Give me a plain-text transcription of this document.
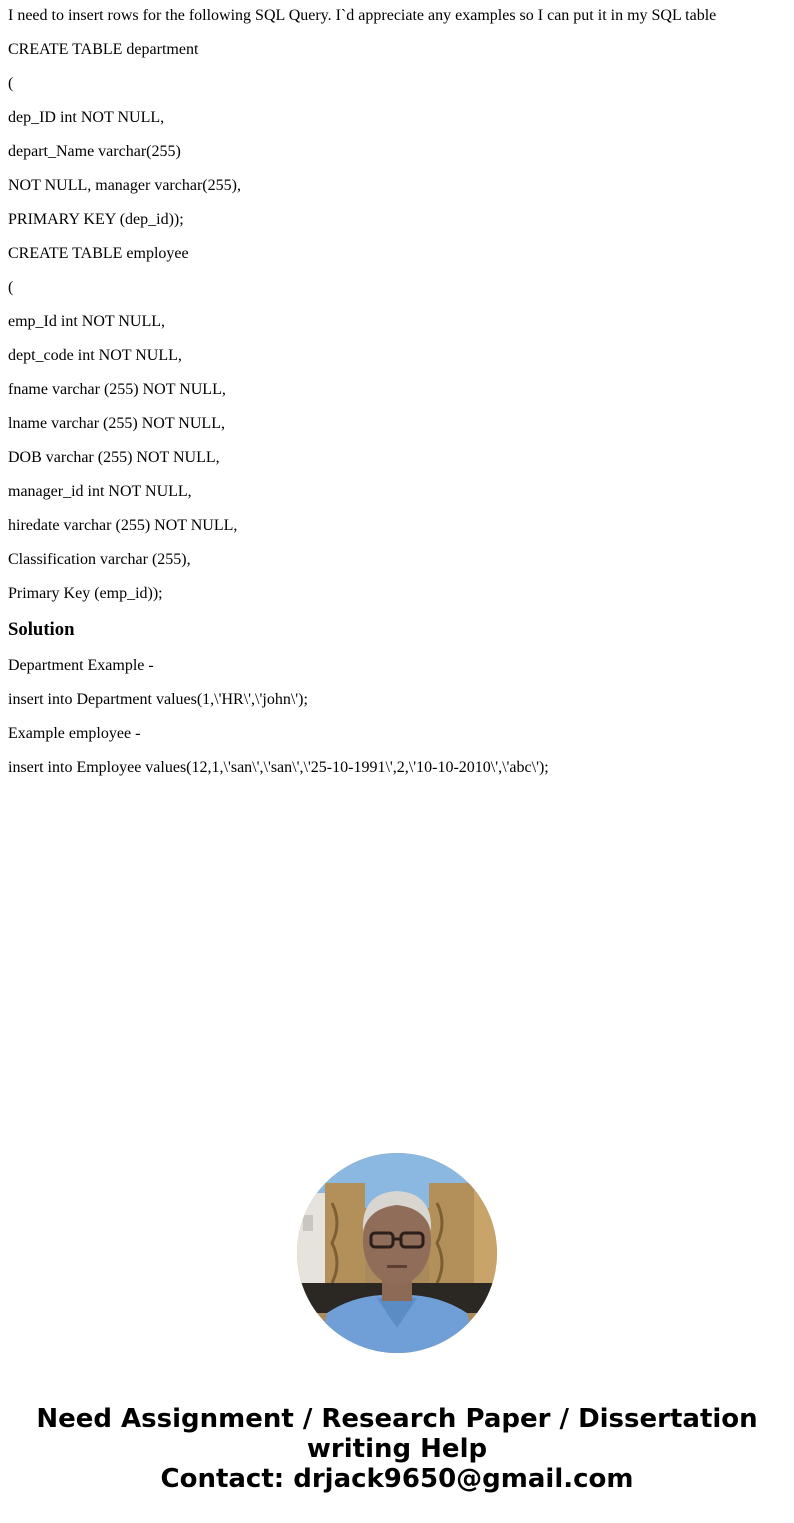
I need to insert rows for the following SQL Query. I`d appreciate any examples so I can put it in my SQL table

CREATE TABLE department

(

dep_ID int NOT NULL,

depart_Name varchar(255)

NOT NULL, manager varchar(255),

PRIMARY KEY (dep_id));

CREATE TABLE employee

(

emp_Id int NOT NULL,

dept_code int NOT NULL,

fname varchar (255) NOT NULL,

lname varchar (255) NOT NULL,

DOB varchar (255) NOT NULL,

manager_id int NOT NULL,

hiredate varchar (255) NOT NULL,

Classification varchar (255),

Primary Key (emp_id));

Solution

Department Example -

insert into Department values(1,\'HR\',\'john\');

Example employee -

insert into Employee values(12,1,\'san\',\'san\',\'25-10-1991\',2,\'10-10-2010\',\'abc\');

Need Assignment / Research Paper / Dissertation
writing Help
Contact: drjack9650@gmail.com
